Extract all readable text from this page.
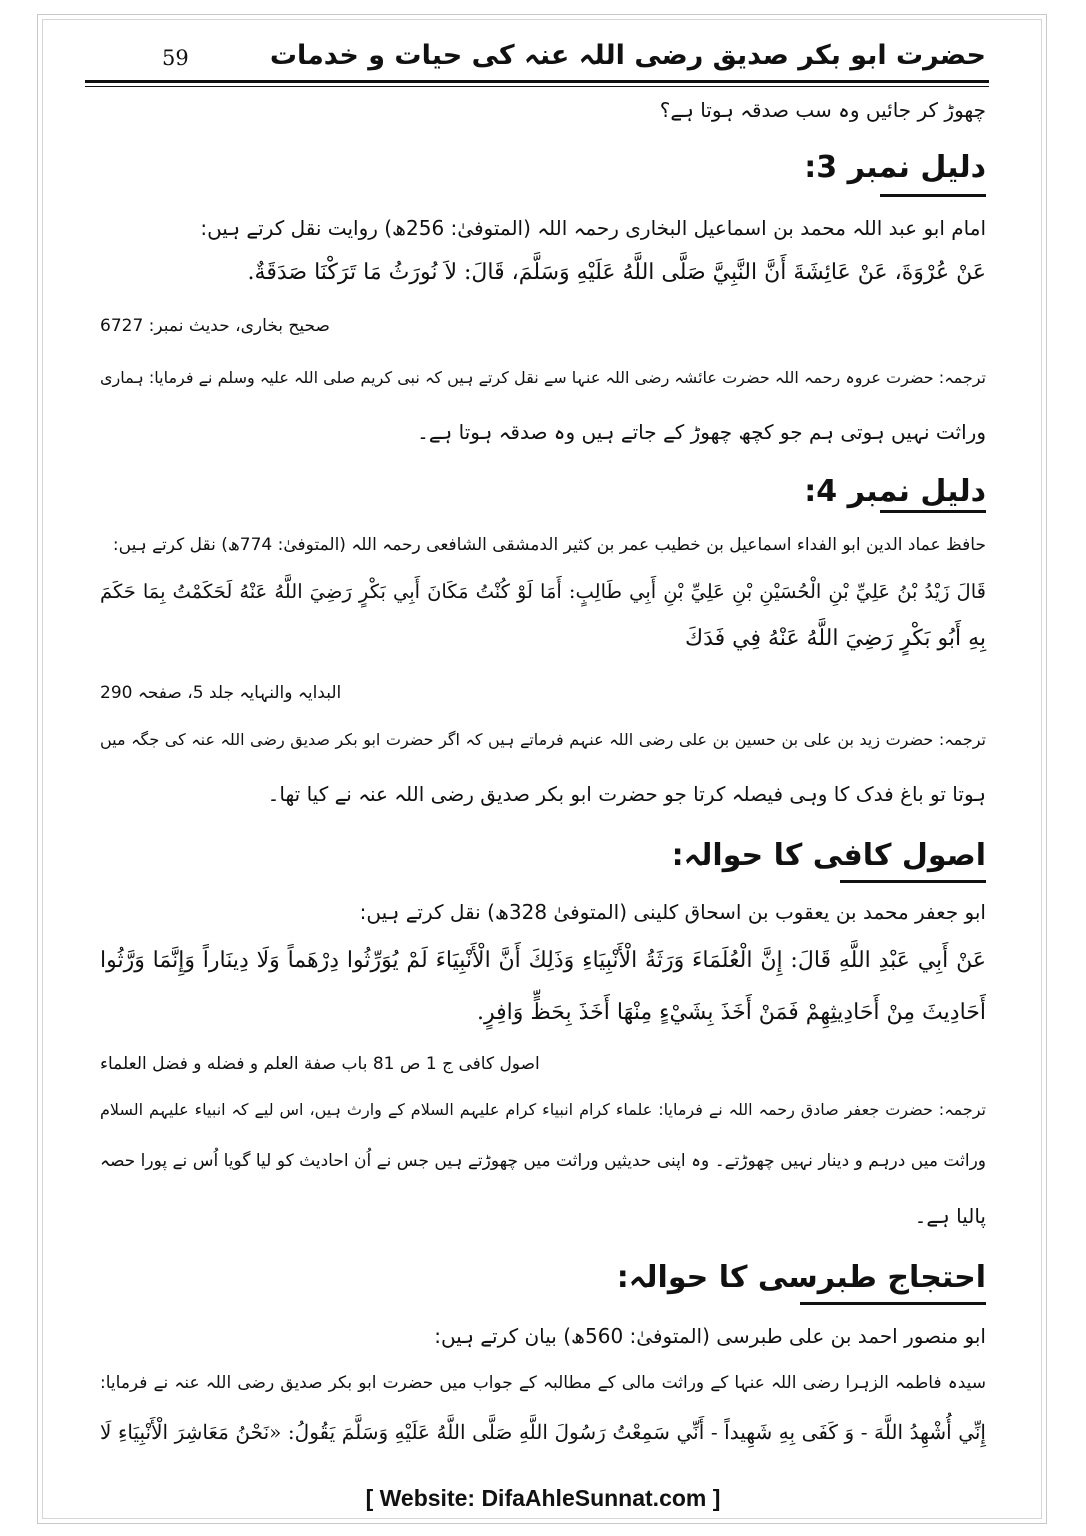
حضرت ابو بکر صدیق رضی اللہ عنہ کی حیات و خدمات
59
چھوڑ کر جائیں وہ سب صدقہ ہوتا ہے؟
دلیل نمبر 3:
امام ابو عبد اللہ محمد بن اسماعیل البخاری رحمہ اللہ (المتوفیٰ: 256ھ) روایت نقل کرتے ہیں:
عَنْ عُرْوَةَ، عَنْ عَائِشَةَ أَنَّ النَّبِيَّ صَلَّى اللَّهُ عَلَيْهِ وَسَلَّمَ، قَالَ: لاَ نُورَثُ مَا تَرَكْنَا صَدَقَةٌ.
صحیح بخاری، حدیث نمبر: 6727
ترجمہ: حضرت عروہ رحمہ اللہ حضرت عائشہ رضی اللہ عنہا سے نقل کرتے ہیں کہ نبی کریم صلی اللہ علیہ وسلم نے فرمایا: ہماری
وراثت نہیں ہوتی ہم جو کچھ چھوڑ کے جاتے ہیں وہ صدقہ ہوتا ہے۔
دلیل نمبر 4:
حافظ عماد الدین ابو الفداء اسماعیل بن خطیب عمر بن کثیر الدمشقی الشافعی رحمہ اللہ (المتوفیٰ: 774ھ) نقل کرتے ہیں:
قَالَ زَيْدُ بْنُ عَلِيِّ بْنِ الْحُسَيْنِ بْنِ عَلِيِّ بْنِ أَبِي طَالِبٍ: أَمَا لَوْ كُنْتُ مَكَانَ أَبِي بَكْرٍ رَضِيَ اللَّهُ عَنْهُ لَحَكَمْتُ بِمَا حَكَمَ
بِهِ أَبُو بَكْرٍ رَضِيَ اللَّهُ عَنْهُ فِي فَدَكَ
البدایہ والنہایہ جلد 5، صفحہ 290
ترجمہ: حضرت زید بن علی بن حسین بن علی رضی اللہ عنہم فرماتے ہیں کہ اگر حضرت ابو بکر صدیق رضی اللہ عنہ کی جگہ میں
ہوتا تو باغ فدک کا وہی فیصلہ کرتا جو حضرت ابو بکر صدیق رضی اللہ عنہ نے کیا تھا۔
اصول کافی کا حوالہ:
ابو جعفر محمد بن یعقوب بن اسحاق کلینی (المتوفیٰ 328ھ) نقل کرتے ہیں:
عَنْ أَبِي عَبْدِ اللَّهِ قَالَ: إِنَّ الْعُلَمَاءَ وَرَثَةُ الْأَنْبِيَاءِ وَذَلِكَ أَنَّ الْأَنْبِيَاءَ لَمْ يُوَرِّثُوا دِرْهَماً وَلَا دِينَاراً وَإِنَّمَا وَرَّثُوا
أَحَادِيثَ مِنْ أَحَادِيثِهِمْ فَمَنْ أَخَذَ بِشَيْءٍ مِنْهَا أَخَذَ بِحَظٍّ وَافِرٍ.
اصول کافی ج 1 ص 81 باب صفة العلم و فضله و فضل العلماء
ترجمہ: حضرت جعفر صادق رحمہ اللہ نے فرمایا: علماء کرام انبیاء کرام علیہم السلام کے وارث ہیں، اس لیے کہ انبیاء علیہم السلام
وراثت میں درہم و دینار نہیں چھوڑتے۔ وہ اپنی حدیثیں وراثت میں چھوڑتے ہیں جس نے اُن احادیث کو لیا گویا اُس نے پورا حصہ
پالیا ہے۔
احتجاج طبرسی کا حوالہ:
ابو منصور احمد بن علی طبرسی (المتوفیٰ: 560ھ) بیان کرتے ہیں:
سیدہ فاطمہ الزہرا رضی اللہ عنہا کے وراثت مالی کے مطالبہ کے جواب میں حضرت ابو بکر صدیق رضی اللہ عنہ نے فرمایا:
إِنِّي أُشْهِدُ اللَّهَ - وَ كَفَى بِهِ شَهِيداً - أَنِّي سَمِعْتُ رَسُولَ اللَّهِ صَلَّى اللَّهُ عَلَيْهِ وَسَلَّمَ يَقُولُ: «نَحْنُ مَعَاشِرَ الْأَنْبِيَاءِ لَا
[ Website: DifaAhleSunnat.com ]
